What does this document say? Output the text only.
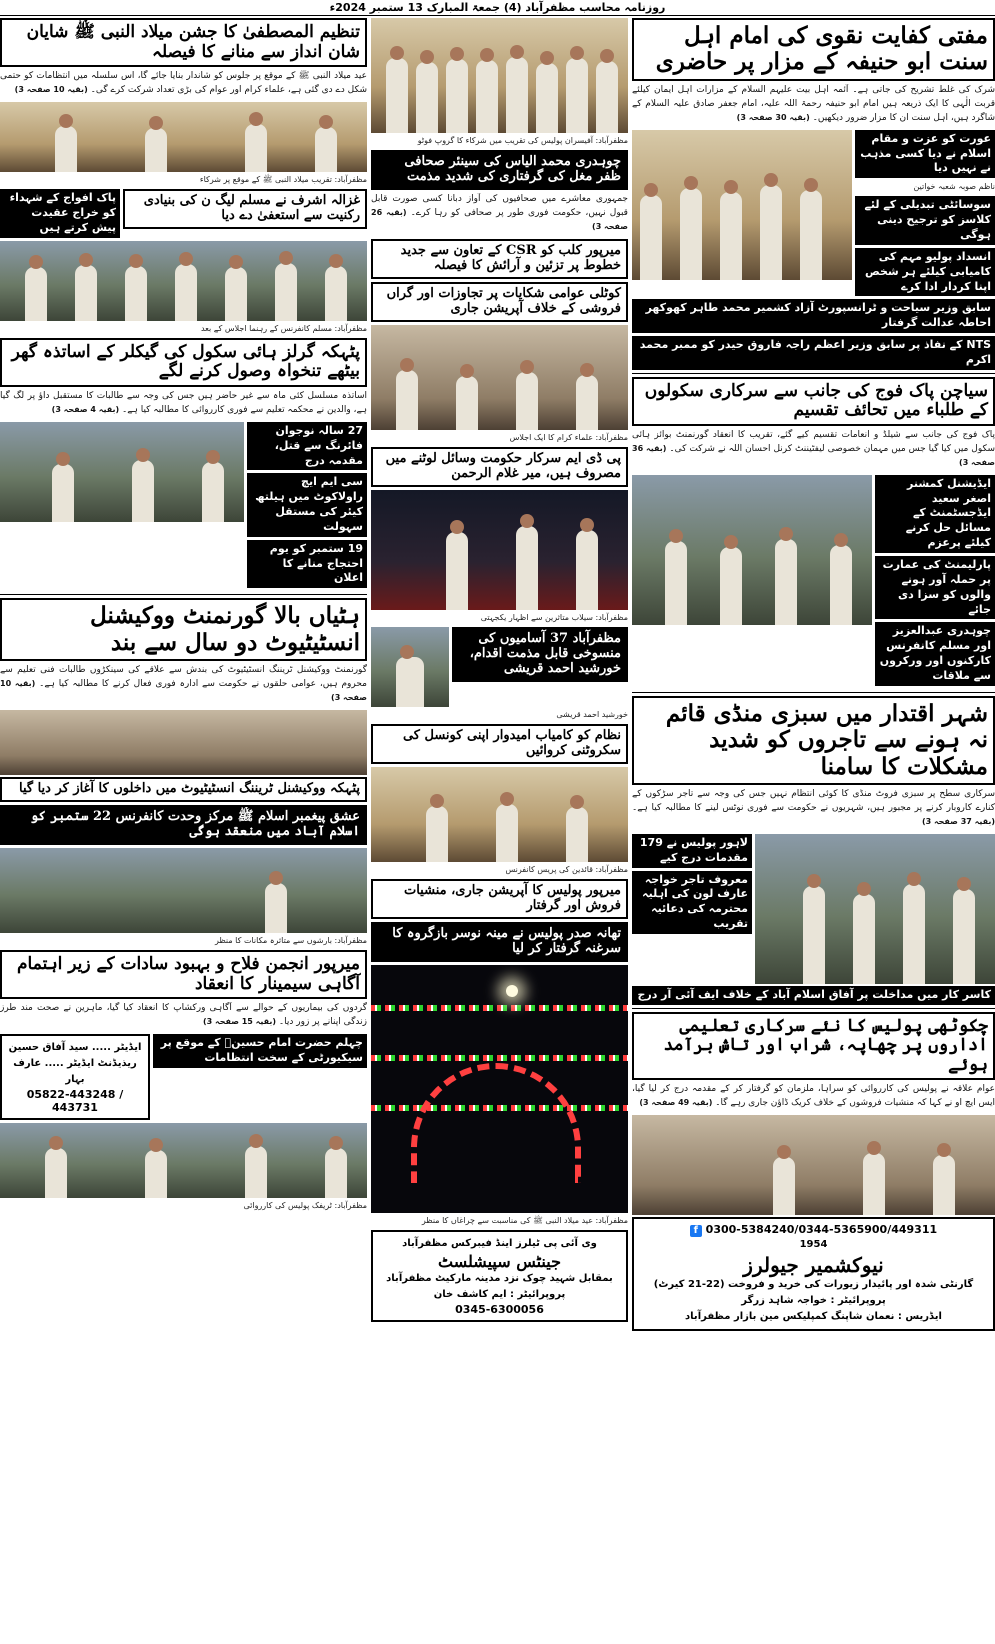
روزنامہ محاسب مظفرآباد (4) جمعۃ المبارک 13 ستمبر 2024ء
مفتی کفایت نقوی کی امام اہل سنت ابو حنیفہ کے مزار پر حاضری
شرک کی غلط تشریح کی جاتی ہے۔ آئمہ اہل بیت علیہم السلام کے مزارات اہل ایمان کیلئے قربت الٰہی کا ایک ذریعہ ہیں امام ابو حنیفہ رحمۃ اللہ علیہ، امام جعفر صادق علیہ السلام کے شاگرد ہیں، اہل سنت ان کا مزار ضرور دیکھیں۔ (بقیہ 30 صفحہ 3)
عورت کو عزت و مقام اسلام نے دیا کسی مذہب نے نہیں دیا
ناظم صوبہ شعبہ خواتین
سوسائٹی تبدیلی کے لئے کلاسز کو ترجیح دینی ہوگی
انسداد پولیو مہم کی کامیابی کیلئے ہر شخص اپنا کردار ادا کرے
سابق وزیر سیاحت و ٹرانسپورٹ آزاد کشمیر محمد طاہر کھوکھر احاطہ عدالت گرفتار
NTS کے نفاذ پر سابق وزیر اعظم راجہ فاروق حیدر کو ممبر محمد اکرم
سیاچن پاک فوج کی جانب سے سرکاری سکولوں کے طلباء میں تحائف تقسیم
پاک فوج کی جانب سے شیلڈ و انعامات تقسیم کیے گئے، تقریب کا انعقاد گورنمنٹ بوائز ہائی سکول میں کیا گیا جس میں مہمان خصوصی لیفٹیننٹ کرنل احسان اللہ نے شرکت کی۔ (بقیہ 36 صفحہ 3)
ایڈیشنل کمشنر اصغر سعید ایڈجسٹمنٹ کے مسائل حل کرنے کیلئے پرعزم
پارلیمنٹ کی عمارت پر حملہ آور ہونے والوں کو سزا دی جائے
چوہدری عبدالعزیز اور مسلم کانفرنس کارکنوں اور ورکروں سے ملاقات
شہر اقتدار میں سبزی منڈی قائم نہ ہونے سے تاجروں کو شدید مشکلات کا سامنا
سرکاری سطح پر سبزی فروٹ منڈی کا کوئی انتظام نہیں جس کی وجہ سے تاجر سڑکوں کے کنارے کاروبار کرنے پر مجبور ہیں، شہریوں نے حکومت سے فوری نوٹس لینے کا مطالبہ کیا ہے۔ (بقیہ 37 صفحہ 3)
لاہور پولیس نے 179 مقدمات درج کیے
معروف تاجر خواجہ عارف لون کی اہلیہ محترمہ کی دعائیہ تقریب
کاسر کار میں مداخلت پر آفاق اسلام آباد کے خلاف ایف آئی آر درج
چکوٹھی پولیس کا نئے سرکاری تعلیمی اداروں پر چھاپہ، شراب اور تاش برآمد ہوئے
عوام علاقہ نے پولیس کی کارروائی کو سراہا، ملزمان کو گرفتار کر کے مقدمہ درج کر لیا گیا، ایس ایچ او نے کہا کہ منشیات فروشوں کے خلاف کریک ڈاؤن جاری رہے گا۔ (بقیہ 49 صفحہ 3)
f 0300-5384240/0344-5365900/449311
1954
نیوکشمیر جیولرز
گارنٹی شدہ اور پائیدار زیورات کی خرید و فروخت (22-21 کیرٹ)
پروپرائیٹر : خواجہ شاہد زرگر
ایڈریس : نعمان شاپنگ کمپلیکس مین بازار مظفرآباد
مظفرآباد: آفیسران پولیس کی تقریب میں شرکاء کا گروپ فوٹو
چوہدری محمد الیاس کی سینئر صحافی ظفر مغل کی گرفتاری کی شدید مذمت
جمہوری معاشرے میں صحافیوں کی آواز دبانا کسی صورت قابل قبول نہیں، حکومت فوری طور پر صحافی کو رہا کرے۔ (بقیہ 26 صفحہ 3)
میرپور کلب کو CSR کے تعاون سے جدید خطوط پر تزئین و آرائش کا فیصلہ
کوٹلی عوامی شکایات پر تجاوزات اور گراں فروشی کے خلاف آپریشن جاری
مظفرآباد: علماء کرام کا ایک اجلاس
پی ڈی ایم سرکار حکومت وسائل لوٹنے میں مصروف ہیں، میر غلام الرحمن
مظفرآباد: سیلاب متاثرین سے اظہار یکجہتی
مظفرآباد 37 آسامیوں کی منسوخی قابل مذمت اقدام، خورشید احمد قریشی
خورشید احمد قریشی
نظام کو کامیاب امیدوار اپنی کونسل کی سکروٹنی کروائیں
مظفرآباد: قائدین کی پریس کانفرنس
میرپور پولیس کا آپریشن جاری، منشیات فروش اور گرفتار
تھانہ صدر پولیس نے مینہ نوسر بازگروہ کا سرغنہ گرفتار کر لیا
مظفرآباد: عید میلاد النبی ﷺ کی مناسبت سے چراغاں کا منظر
وی آئی پی ٹیلرز اینڈ فیبرکس مظفرآباد
جینٹس سپیشلسٹ
بمقابل شہید چوک نزد مدینہ مارکیٹ مظفرآباد
پروپرائیٹر : ایم کاشف خان
0345-6300056
تنظیم المصطفیٰ کا جشن میلاد النبی ﷺ شایان شان انداز سے منانے کا فیصلہ
عید میلاد النبی ﷺ کے موقع پر جلوس کو شاندار بنایا جائے گا، اس سلسلہ میں انتظامات کو حتمی شکل دے دی گئی ہے، علماء کرام اور عوام کی بڑی تعداد شرکت کرے گی۔ (بقیہ 10 صفحہ 3)
مظفرآباد: تقریب میلاد النبی ﷺ کے موقع پر شرکاء
غزالہ اشرف نے مسلم لیگ ن کی بنیادی رکنیت سے استعفیٰ دے دیا
پاک افواج کے شہداء کو خراج عقیدت پیش کرتے ہیں
مظفرآباد: مسلم کانفرنس کے رہنما اجلاس کے بعد
پٹہکہ گرلز ہائی سکول کی گیکلر کے اساتذہ گھر بیٹھے تنخواہ وصول کرنے لگے
اساتذہ مسلسل کئی ماہ سے غیر حاضر ہیں جس کی وجہ سے طالبات کا مستقبل داؤ پر لگ گیا ہے، والدین نے محکمہ تعلیم سے فوری کارروائی کا مطالبہ کیا ہے۔ (بقیہ 4 صفحہ 3)
27 سالہ نوجوان فائرنگ سے قتل، مقدمہ درج
سی ایم ایچ راولاکوٹ میں ہیلتھ کیئر کی مستقل سہولت
19 ستمبر کو یوم احتجاج منانے کا اعلان
ہٹیاں بالا گورنمنٹ ووکیشنل انسٹیٹیوٹ دو سال سے بند
گورنمنٹ ووکیشنل ٹریننگ انسٹیٹیوٹ کی بندش سے علاقے کی سینکڑوں طالبات فنی تعلیم سے محروم ہیں، عوامی حلقوں نے حکومت سے ادارہ فوری فعال کرنے کا مطالبہ کیا ہے۔ (بقیہ 10 صفحہ 3)
پٹہکہ ووکیشنل ٹریننگ انسٹیٹیوٹ میں داخلوں کا آغاز کر دیا گیا
عشق پیغمبر اسلام ﷺ مرکز وحدت کانفرنس 22 ستمبر کو اسلام آباد میں منعقد ہوگی
مظفرآباد: بارشوں سے متاثرہ مکانات کا منظر
میرپور انجمن فلاح و بہبود سادات کے زیر اہتمام آگاہی سیمینار کا انعقاد
گردوں کی بیماریوں کے حوالے سے آگاہی ورکشاپ کا انعقاد کیا گیا، ماہرین نے صحت مند طرز زندگی اپنانے پر زور دیا۔ (بقیہ 15 صفحہ 3)
چہلم حضرت امام حسینؓ کے موقع پر سیکیورٹی کے سخت انتظامات
ایڈیٹر ..... سید آفاق حسین
ریذیڈنٹ ایڈیٹر ..... عارف بہار
05822-443248 / 443731
مظفرآباد: ٹریفک پولیس کی کارروائی
